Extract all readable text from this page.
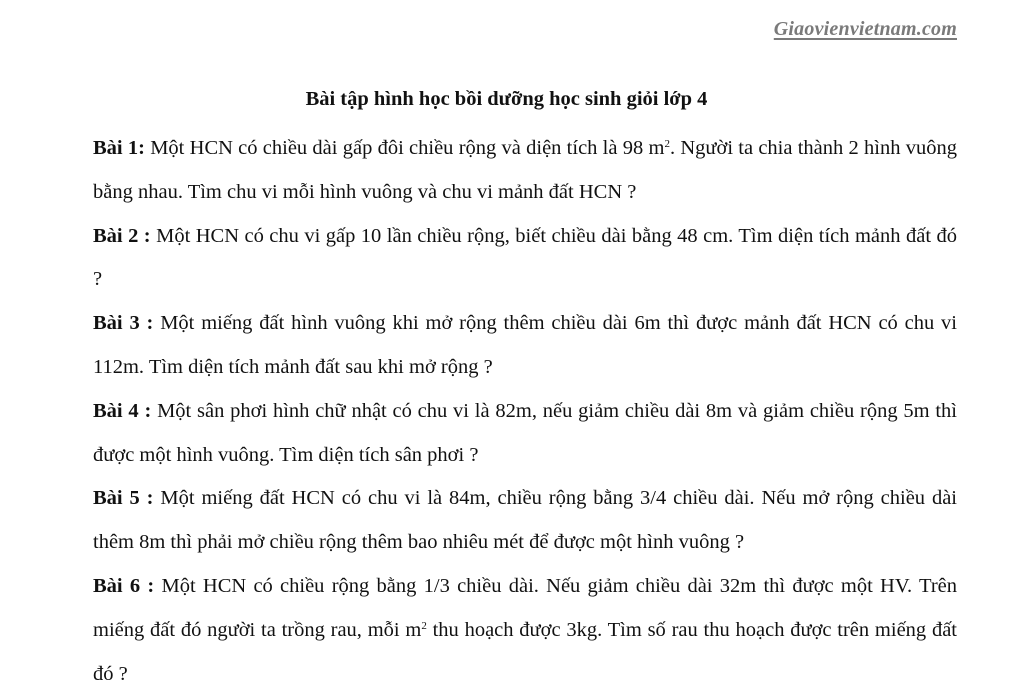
Giaovienvietnam.com
Bài tập hình học bồi dưỡng học sinh giỏi lớp 4

Bài 1: Một HCN có chiều dài gấp đôi chiều rộng và diện tích là 98 $m^2$. Người ta chia thành 2 hình vuông bằng nhau. Tìm chu vi mỗi hình vuông và chu vi mảnh đất HCN ?

Bài 2 : Một HCN có chu vi gấp 10 lần chiều rộng, biết chiều dài bằng 48 cm. Tìm diện tích mảnh đất đó ?

Bài 3 : Một miếng đất hình vuông khi mở rộng thêm chiều dài 6m thì được mảnh đất HCN có chu vi 112m. Tìm diện tích mảnh đất sau khi mở rộng ?

Bài 4 : Một sân phơi hình chữ nhật có chu vi là 82m, nếu giảm chiều dài 8m và giảm chiều rộng 5m thì được một hình vuông. Tìm diện tích sân phơi ?

Bài 5 : Một miếng đất HCN có chu vi là 84m, chiều rộng bằng 3/4 chiều dài. Nếu mở rộng chiều dài thêm 8m thì phải mở chiều rộng thêm bao nhiêu mét để được một hình vuông ?

Bài 6 : Một HCN có chiều rộng bằng 1/3 chiều dài. Nếu giảm chiều dài 32m thì được một HV. Trên miếng đất đó người ta trồng rau, mỗi $m^2$ thu hoạch được 3kg. Tìm số rau thu hoạch được trên miếng đất đó ?
